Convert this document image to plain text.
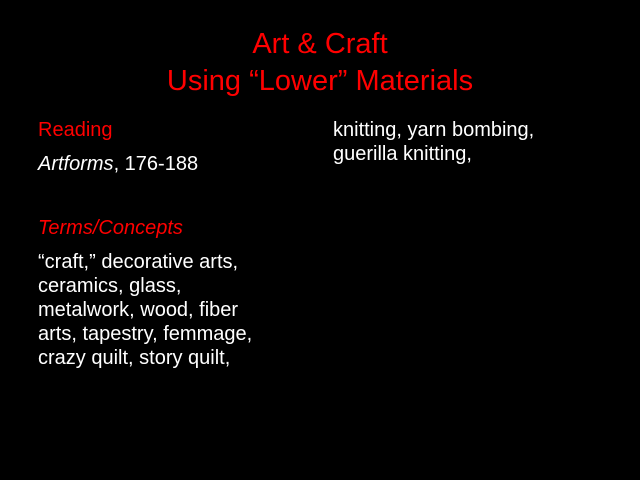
Art & Craft
Using “Lower” Materials
Reading
Artforms, 176-188
Terms/Concepts
“craft,” decorative arts,
ceramics, glass,
metalwork, wood, fiber
arts, tapestry, femmage,
crazy quilt, story quilt,
knitting, yarn bombing,
guerilla knitting,
